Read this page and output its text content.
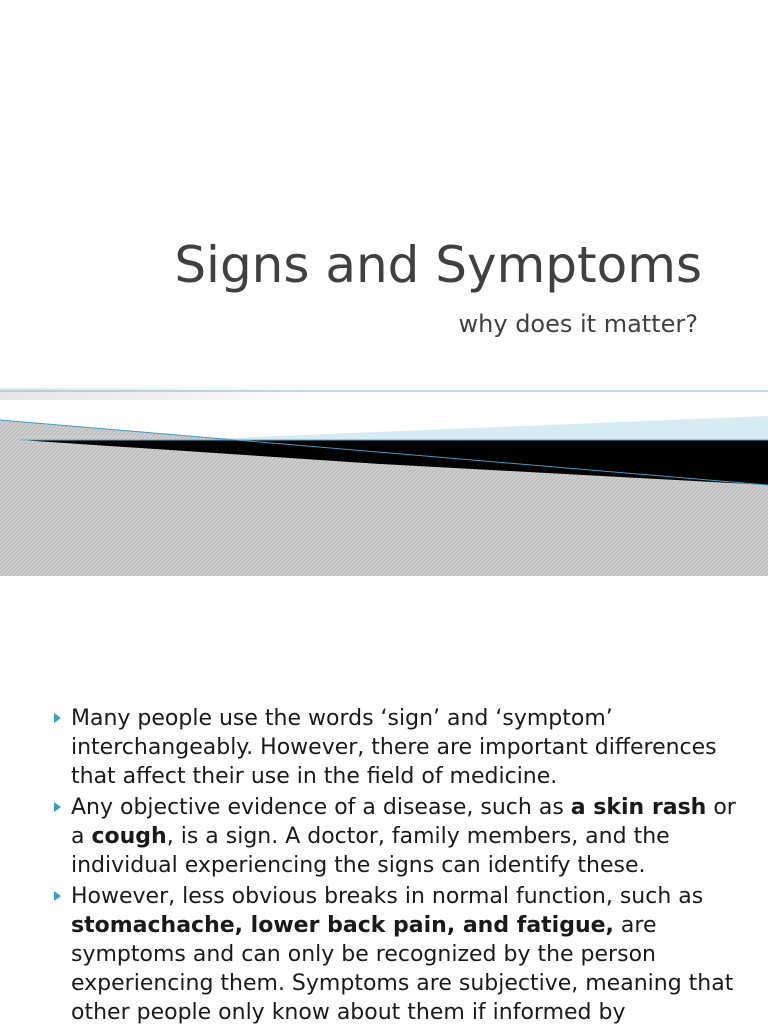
Signs and Symptoms

why does it matter?

Many people use the words ‘sign’ and ‘symptom’ interchangeably. However, there are important differences that affect their use in the field of medicine.
Any objective evidence of a disease, such as a skin rash or a cough, is a sign. A doctor, family members, and the individual experiencing the signs can identify these.
However, less obvious breaks in normal function, such as stomachache, lower back pain, and fatigue, are symptoms and can only be recognized by the person experiencing them. Symptoms are subjective, meaning that other people only know about them if informed by
